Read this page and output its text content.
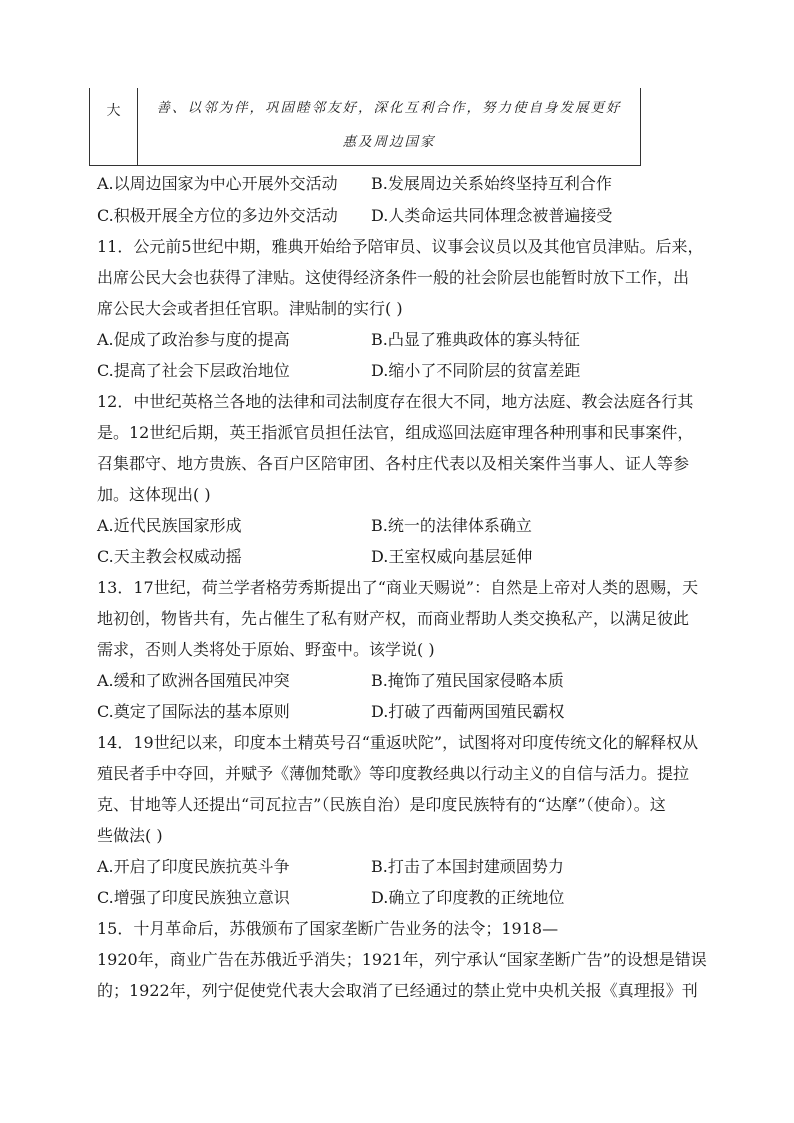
大	善、以邻为伴，巩固睦邻友好，深化互利合作，努力使自身发展更好
惠及周边国家
A.以周边国家为中心开展外交活动 B.发展周边关系始终坚持互利合作
C.积极开展全方位的多边外交活动 D.人类命运共同体理念被普遍接受
11．公元前5世纪中期，雅典开始给予陪审员、议事会议员以及其他官员津贴。后来，
出席公民大会也获得了津贴。这使得经济条件一般的社会阶层也能暂时放下工作，出
席公民大会或者担任官职。津贴制的实行( )
A.促成了政治参与度的提高	B.凸显了雅典政体的寡头特征
C.提高了社会下层政治地位	D.缩小了不同阶层的贫富差距
12．中世纪英格兰各地的法律和司法制度存在很大不同，地方法庭、教会法庭各行其
是。12世纪后期，英王指派官员担任法官，组成巡回法庭审理各种刑事和民事案件，
召集郡守、地方贵族、各百户区陪审团、各村庄代表以及相关案件当事人、证人等参
加。这体现出( )
A.近代民族国家形成	B.统一的法律体系确立
C.天主教会权威动摇	D.王室权威向基层延伸
13．17世纪，荷兰学者格劳秀斯提出了“商业天赐说”：自然是上帝对人类的恩赐，天
地初创，物皆共有，先占催生了私有财产权，而商业帮助人类交换私产，以满足彼此
需求，否则人类将处于原始、野蛮中。该学说( )
A.缓和了欧洲各国殖民冲突	B.掩饰了殖民国家侵略本质
C.奠定了国际法的基本原则	D.打破了西葡两国殖民霸权
14．19世纪以来，印度本土精英号召“重返吠陀”，试图将对印度传统文化的解释权从
殖民者手中夺回，并赋予《薄伽梵歌》等印度教经典以行动主义的自信与活力。提拉
克、甘地等人还提出“司瓦拉吉”（民族自治）是印度民族特有的“达摩”（使命）。这
些做法( )
A.开启了印度民族抗英斗争	B.打击了本国封建顽固势力
C.增强了印度民族独立意识	D.确立了印度教的正统地位
15．十月革命后，苏俄颁布了国家垄断广告业务的法令；1918—
1920年，商业广告在苏俄近乎消失；1921年，列宁承认“国家垄断广告”的设想是错误
的；1922年，列宁促使党代表大会取消了已经通过的禁止党中央机关报《真理报》刊
